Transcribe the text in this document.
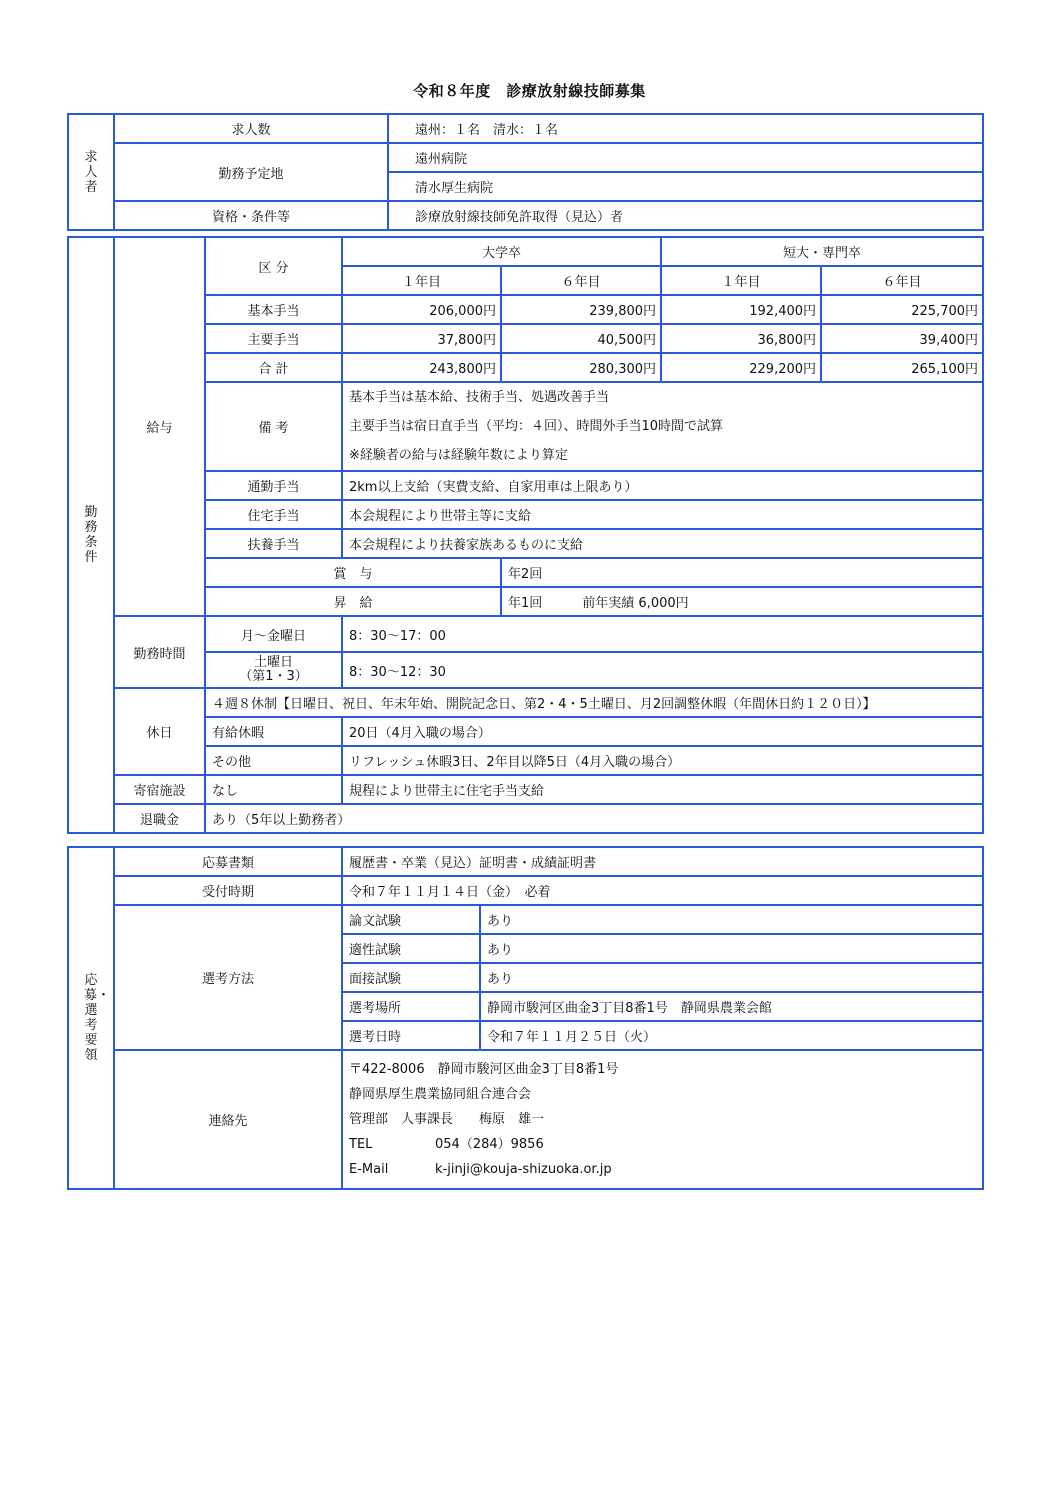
令和８年度　診療放射線技師募集
求人者	求人数	遠州：１名　清水：１名
	勤務予定地	遠州病院
		清水厚生病院
	資格・条件等	診療放射線技師免許取得（見込）者
勤務条件	給与	区 分	大学卒		短大・専門卒	
			１年目	６年目	１年目	６年目
		基本手当	206,000円	239,800円	192,400円	225,700円
		主要手当	37,800円	40,500円	36,800円	39,400円
		合 計	243,800円	280,300円	229,200円	265,100円
		備 考	基本手当は基本給、技術手当、処遇改善手当
主要手当は宿日直手当（平均：４回）、時間外手当10時間で試算
※経験者の給与は経験年数により算定			

		通勤手当	2km以上支給（実費支給、自家用車は上限あり）			
		住宅手当	本会規程により世帯主等に支給			
		扶養手当	本会規程により扶養家族あるものに支給			
		賞　与		年2回		
		昇　給		年1回 前年実績 6,000円		
	勤務時間	月～金曜日	8：30～17：00			

		土曜日
（第1・3）	8：30～12：30			
	休日	４週８休制【日曜日、祝日、年末年始、開院記念日、第2・4・5土曜日、月2回調整休暇（年間休日約１２０日）】				
		有給休暇	20日（4月入職の場合）			
		その他	リフレッシュ休暇3日、2年目以降5日（4月入職の場合）			
	寄宿施設	なし	規程により世帯主に住宅手当支給			
	退職金	あり（5年以上勤務者）				
応募・選考要領	応募書類	履歴書・卒業（見込）証明書・成績証明書	
	受付時期	令和７年１１月１４日（金）　必着	
	選考方法	論文試験	あり
		適性試験	あり
		面接試験	あり
		選考場所	静岡市駿河区曲金3丁目8番1号　静岡県農業会館
		選考日時	令和７年１１月２５日（火）
	連絡先	〒422-8006　静岡市駿河区曲金3丁目8番1号
静岡県厚生農業協同組合連合会
管理部　人事課長　　梅原　雄一
TEL 054（284）9856
E-Mail k-jinji@kouja-shizuoka.or.jp	
